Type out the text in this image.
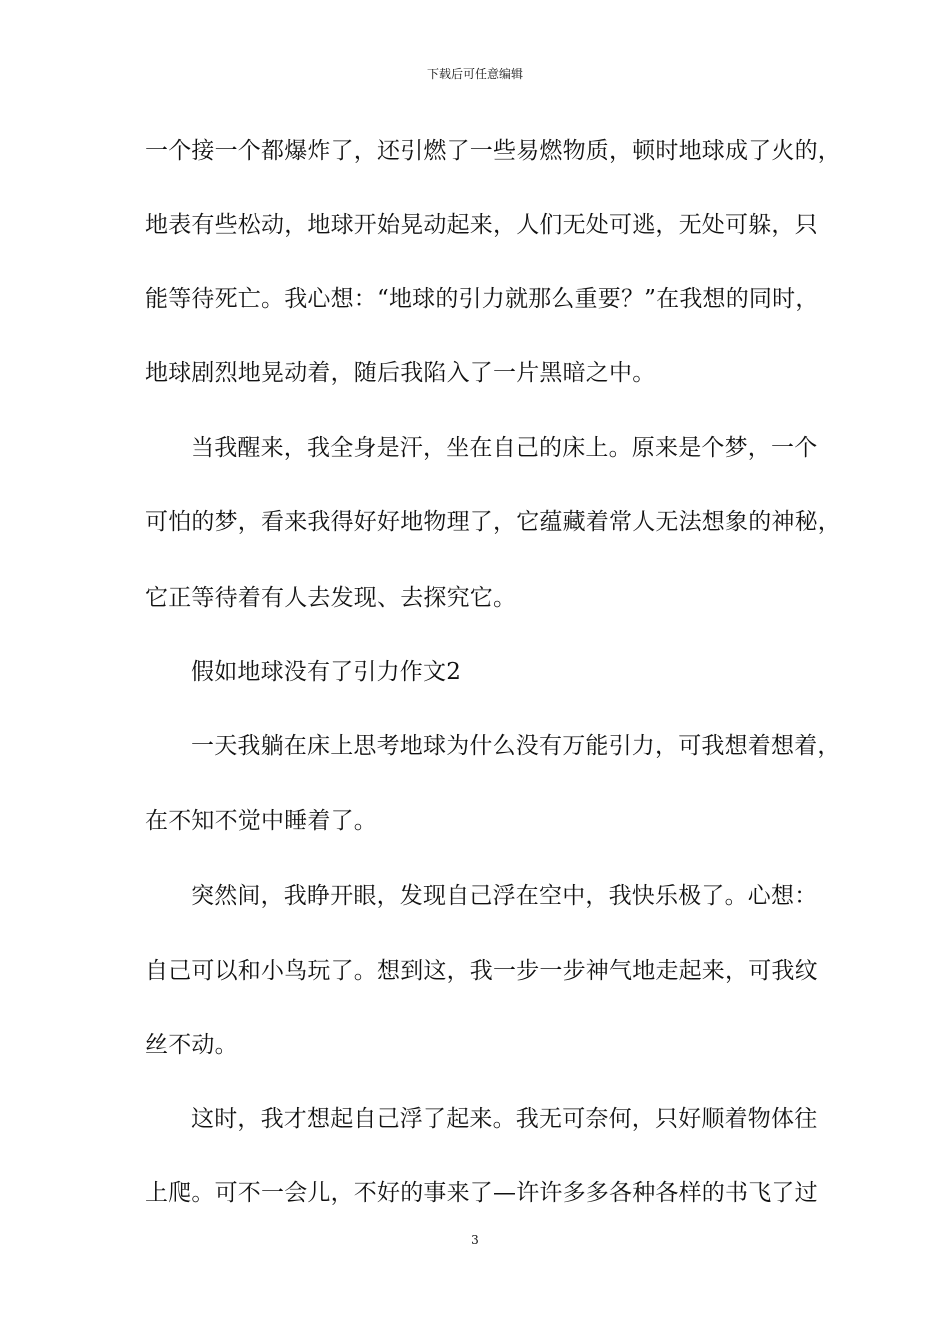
下载后可任意编辑
一个接一个都爆炸了，还引燃了一些易燃物质，顿时地球成了火的，
地表有些松动，地球开始晃动起来，人们无处可逃，无处可躲，只
能等待死亡。我心想：“地球的引力就那么重要？”在我想的同时，
地球剧烈地晃动着，随后我陷入了一片黑暗之中。
当我醒来，我全身是汗，坐在自己的床上。原来是个梦，一个
可怕的梦，看来我得好好地物理了，它蕴藏着常人无法想象的神秘，
它正等待着有人去发现、去探究它。
假如地球没有了引力作文2
一天我躺在床上思考地球为什么没有万能引力，可我想着想着，
在不知不觉中睡着了。
突然间，我睁开眼，发现自己浮在空中，我快乐极了。心想：
自己可以和小鸟玩了。想到这，我一步一步神气地走起来，可我纹
丝不动。
这时，我才想起自己浮了起来。我无可奈何，只好顺着物体往
上爬。可不一会儿，不好的事来了—许许多多各种各样的书飞了过
3
